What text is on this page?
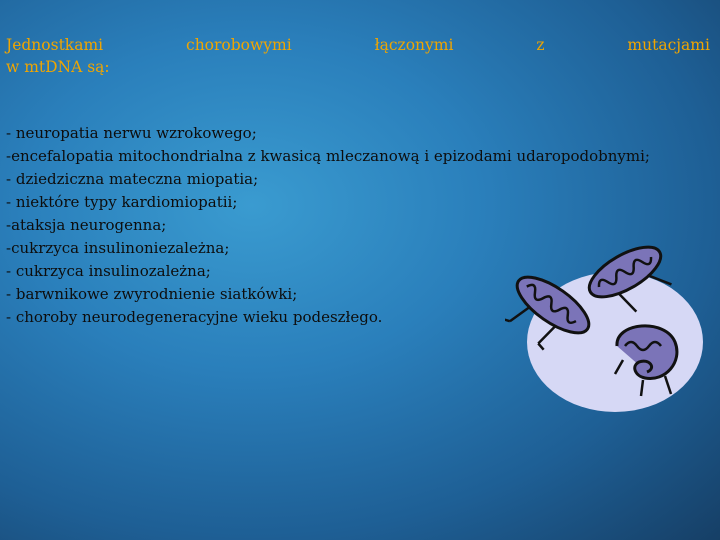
Jednostkami	chorobowymi	łączonymi	z	mutacjami
w mtDNA są:
- neuropatia nerwu wzrokowego;
-encefalopatia mitochondrialna z kwasicą mleczanową i epizodami udaropodobnymi;
- dziedziczna mateczna miopatia;
- niektóre typy kardiomiopatii;
-ataksja neurogenna;
-cukrzyca insulinoniezależna;
- cukrzyca insulinozależna;
- barwnikowe zwyrodnienie siatkówki;
- choroby neurodegeneracyjne wieku podeszłego.
